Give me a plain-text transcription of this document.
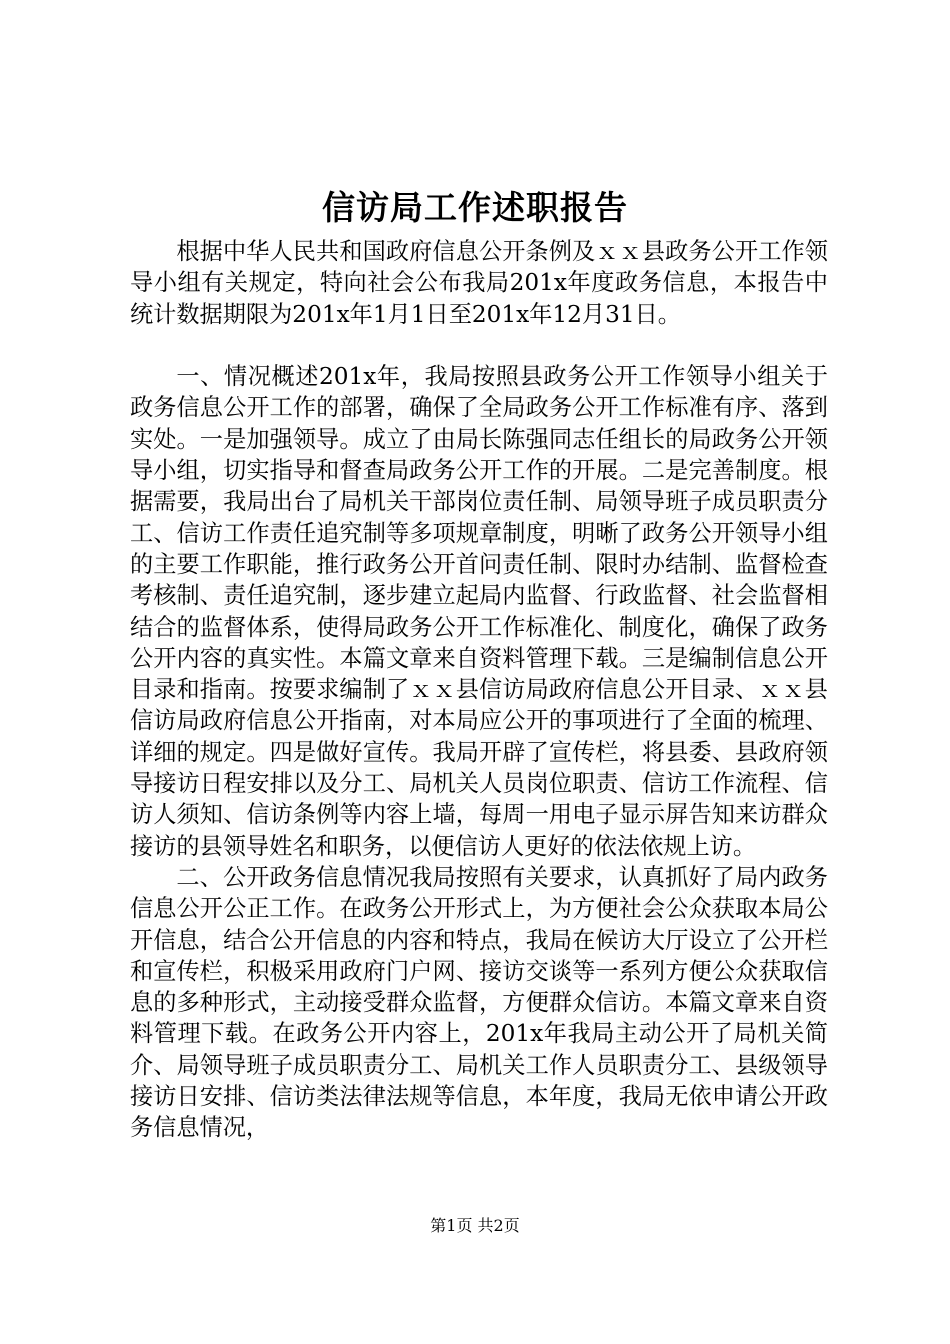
信访局工作述职报告

根据中华人民共和国政府信息公开条例及ｘｘ县政务公开工作领导小组有关规定，特向社会公布我局201x年度政务信息，本报告中统计数据期限为201x年1月1日至201x年12月31日。

一、情况概述201x年，我局按照县政务公开工作领导小组关于政务信息公开工作的部署，确保了全局政务公开工作标准有序、落到实处。一是加强领导。成立了由局长陈强同志任组长的局政务公开领导小组，切实指导和督查局政务公开工作的开展。二是完善制度。根据需要，我局出台了局机关干部岗位责任制、局领导班子成员职责分工、信访工作责任追究制等多项规章制度，明晰了政务公开领导小组的主要工作职能，推行政务公开首问责任制、限时办结制、监督检查考核制、责任追究制，逐步建立起局内监督、行政监督、社会监督相结合的监督体系，使得局政务公开工作标准化、制度化，确保了政务公开内容的真实性。本篇文章来自资料管理下载。三是编制信息公开目录和指南。按要求编制了ｘｘ县信访局政府信息公开目录、ｘｘ县信访局政府信息公开指南，对本局应公开的事项进行了全面的梳理、详细的规定。四是做好宣传。我局开辟了宣传栏，将县委、县政府领导接访日程安排以及分工、局机关人员岗位职责、信访工作流程、信访人须知、信访条例等内容上墙，每周一用电子显示屏告知来访群众接访的县领导姓名和职务，以便信访人更好的依法依规上访。

二、公开政务信息情况我局按照有关要求，认真抓好了局内政务信息公开公正工作。在政务公开形式上，为方便社会公众获取本局公开信息，结合公开信息的内容和特点，我局在候访大厅设立了公开栏和宣传栏，积极采用政府门户网、接访交谈等一系列方便公众获取信息的多种形式，主动接受群众监督，方便群众信访。本篇文章来自资料管理下载。在政务公开内容上，201x年我局主动公开了局机关简介、局领导班子成员职责分工、局机关工作人员职责分工、县级领导接访日安排、信访类法律法规等信息，本年度，我局无依申请公开政务信息情况，

第1页 共2页
